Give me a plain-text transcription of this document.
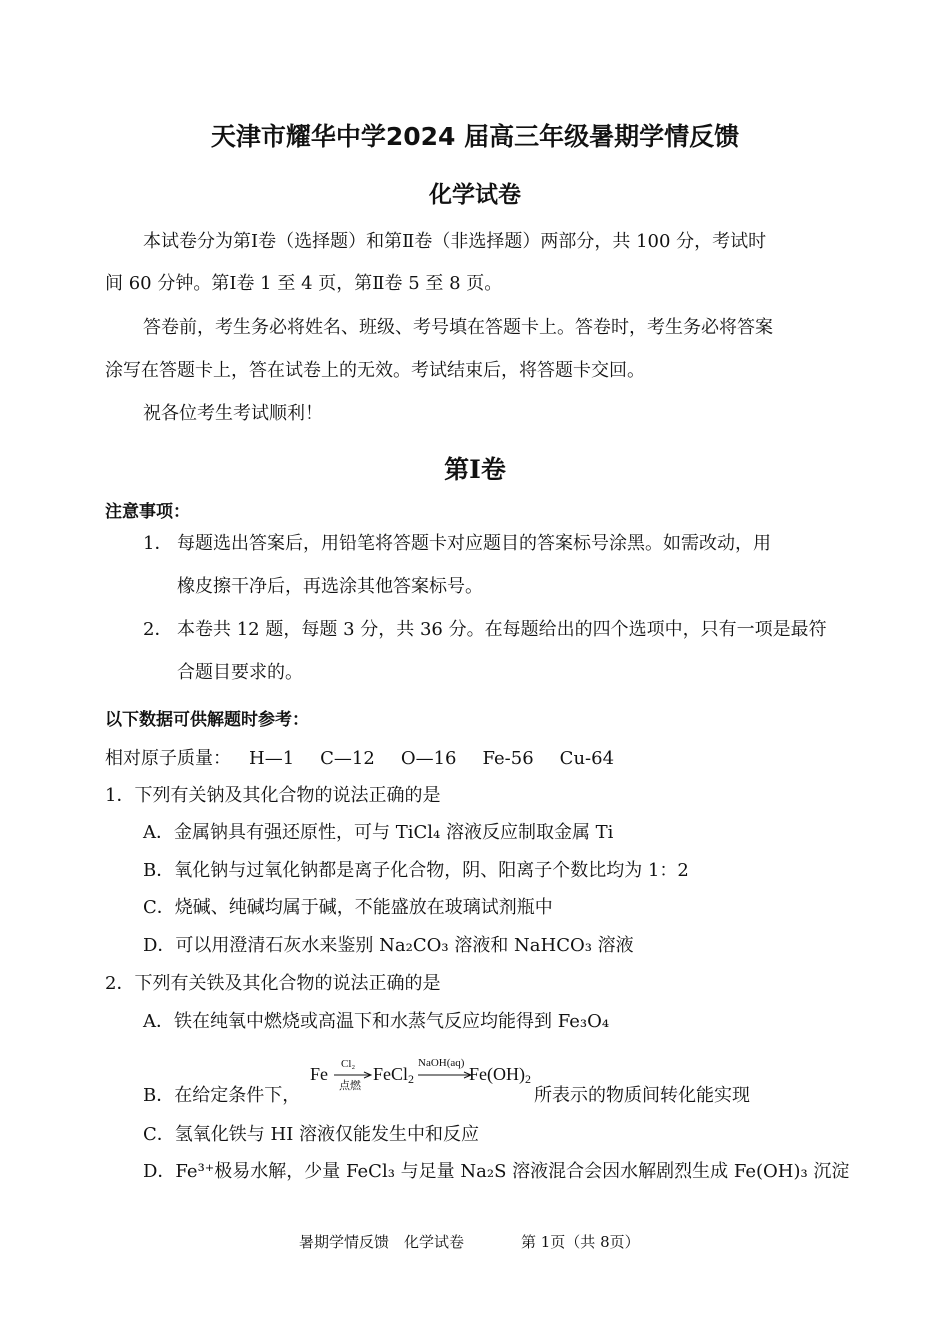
天津市耀华中学2024 届高三年级暑期学情反馈
化学试卷
本试卷分为第Ⅰ卷（选择题）和第Ⅱ卷（非选择题）两部分，共 100 分，考试时
间 60 分钟。第Ⅰ卷 1 至 4 页，第Ⅱ卷 5 至 8 页。
答卷前，考生务必将姓名、班级、考号填在答题卡上。答卷时，考生务必将答案
涂写在答题卡上，答在试卷上的无效。考试结束后，将答题卡交回。
祝各位考生考试顺利！
第Ⅰ卷
注意事项：
1． 每题选出答案后，用铅笔将答题卡对应题目的答案标号涂黑。如需改动，用
橡皮擦干净后，再选涂其他答案标号。
2． 本卷共 12 题，每题 3 分，共 36 分。在每题给出的四个选项中，只有一项是最符
合题目要求的。
以下数据可供解题时参考：
相对原子质量： H—1 C—12 O—16 Fe-56 Cu-64
1．下列有关钠及其化合物的说法正确的是
A．金属钠具有强还原性，可与 TiCl₄ 溶液反应制取金属 Ti
B．氧化钠与过氧化钠都是离子化合物，阴、阳离子个数比均为 1：2
C．烧碱、纯碱均属于碱，不能盛放在玻璃试剂瓶中
D．可以用澄清石灰水来鉴别 Na₂CO₃ 溶液和 NaHCO₃ 溶液
2．下列有关铁及其化合物的说法正确的是
A．铁在纯氧中燃烧或高温下和水蒸气反应均能得到 Fe₃O₄
B．在给定条件下，
Fe Cl₂
点燃
FeCl2
NaOH(aq)
Fe(OH)2
所表示的物质间转化能实现
C．氢氧化铁与 HI 溶液仅能发生中和反应
D．Fe³⁺极易水解，少量 FeCl₃ 与足量 Na₂S 溶液混合会因水解剧烈生成 Fe(OH)₃ 沉淀
暑期学情反馈　化学试卷	第 1页（共 8页）
